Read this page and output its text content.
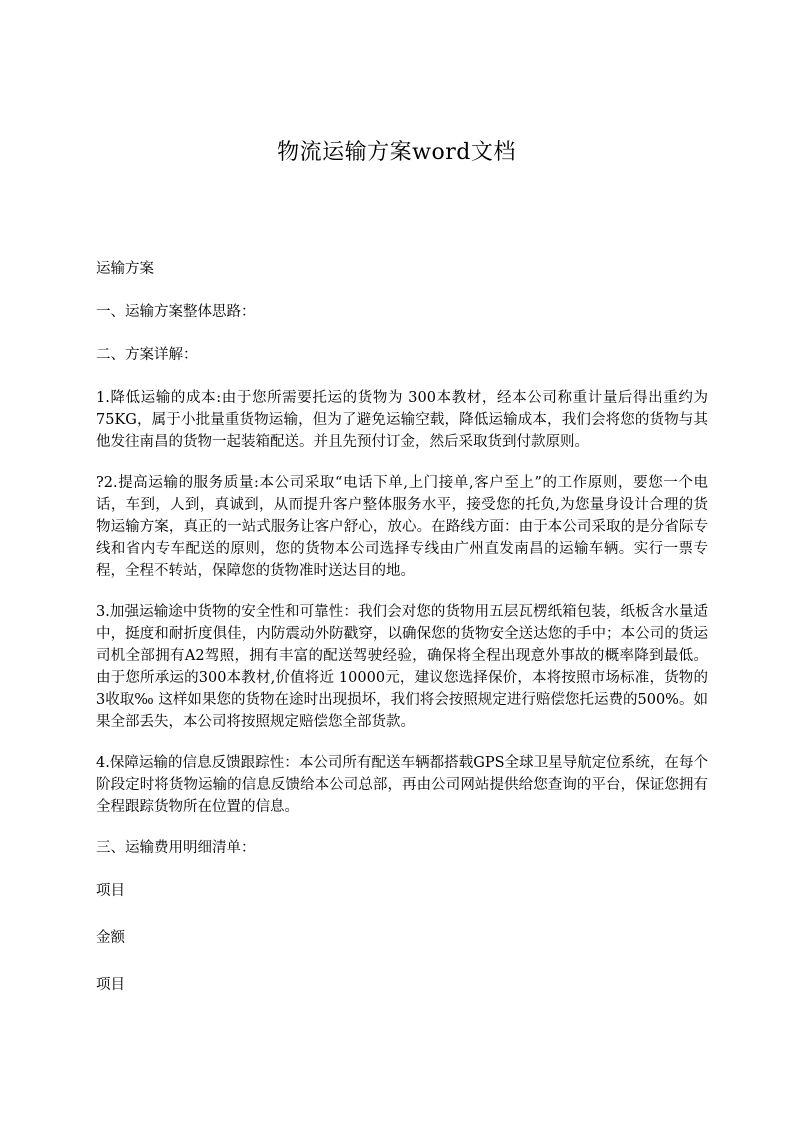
物流运输方案word文档

运输方案

一、运输方案整体思路：

二、方案详解：

1.降低运输的成本:由于您所需要托运的货物为 300本教材，经本公司称重计量后得出重约为75KG，属于小批量重货物运输，但为了避免运输空载，降低运输成本，我们会将您的货物与其他发往南昌的货物一起装箱配送。并且先预付订金，然后采取货到付款原则。

?2.提高运输的服务质量:本公司采取“电话下单,上门接单,客户至上”的工作原则，要您一个电话，车到，人到，真诚到，从而提升客户整体服务水平，接受您的托负,为您量身设计合理的货物运输方案，真正的一站式服务让客户舒心，放心。在路线方面：由于本公司采取的是分省际专线和省内专车配送的原则，您的货物本公司选择专线由广州直发南昌的运输车辆。实行一票专程，全程不转站，保障您的货物准时送达目的地。

3.加强运输途中货物的安全性和可靠性：我们会对您的货物用五层瓦楞纸箱包装，纸板含水量适中，挺度和耐折度俱佳，内防震动外防戳穿，以确保您的货物安全送达您的手中；本公司的货运司机全部拥有A2驾照，拥有丰富的配送驾驶经验，确保将全程出现意外事故的概率降到最低。由于您所承运的300本教材,价值将近 10000元，建议您选择保价，本将按照市场标准，货物的3收取‰ 这样如果您的货物在途时出现损坏，我们将会按照规定进行赔偿您托运费的500%。如果全部丢失，本公司将按照规定赔偿您全部货款。

4.保障运输的信息反馈跟踪性：本公司所有配送车辆都搭载GPS全球卫星导航定位系统，在每个阶段定时将货物运输的信息反馈给本公司总部，再由公司网站提供给您查询的平台，保证您拥有全程跟踪货物所在位置的信息。

三、运输费用明细清单：

项目
金额
项目
